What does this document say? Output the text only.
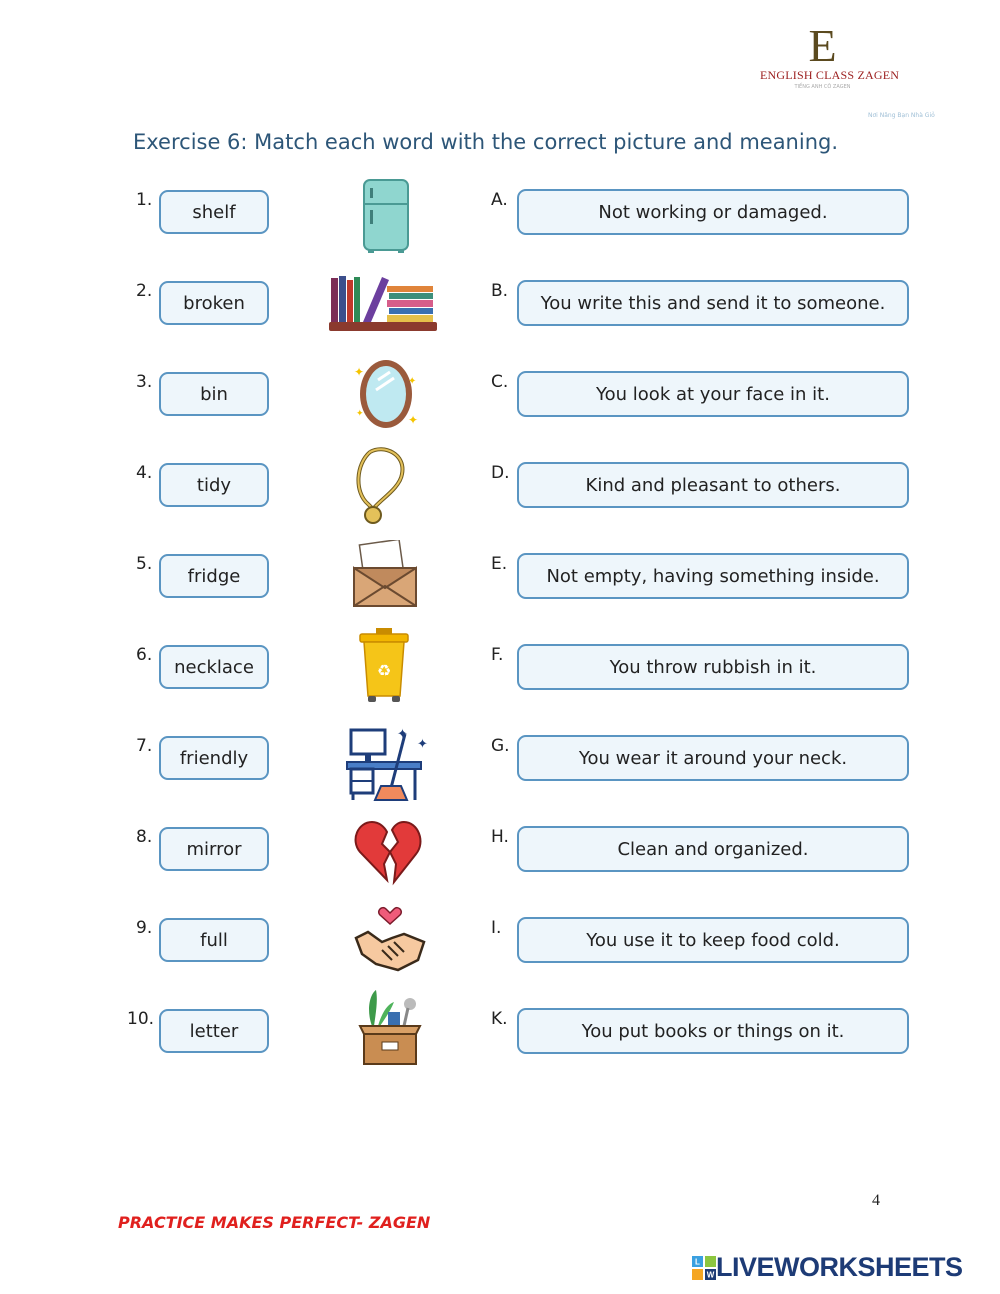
E
ENGLISH CLASS ZAGEN
TIẾNG ANH CÔ ZAGEN
Nơi Nâng Bạn Nhà Giỏ
Exercise 6: Match each word with the correct picture and meaning.
1.
shelf
A.
Not working or damaged.
2.
broken
B.
You write this and send it to someone.
3.
bin
C.
You look at your face in it.
4.
tidy
D.
Kind and pleasant to others.
5.
fridge
E.
Not empty, having something inside.
6.
necklace
F.
You throw rubbish in it.
7.
friendly
G.
You wear it around your neck.
8.
mirror
H.
Clean and organized.
9.
full
I.
You use it to keep food cold.
10.
letter
K.
You put books or things on it.
✦
✦
✦	✦
♻
✦
✦
4
PRACTICE MAKES PERFECT- ZAGEN
L
W LIVEWORKSHEETS
